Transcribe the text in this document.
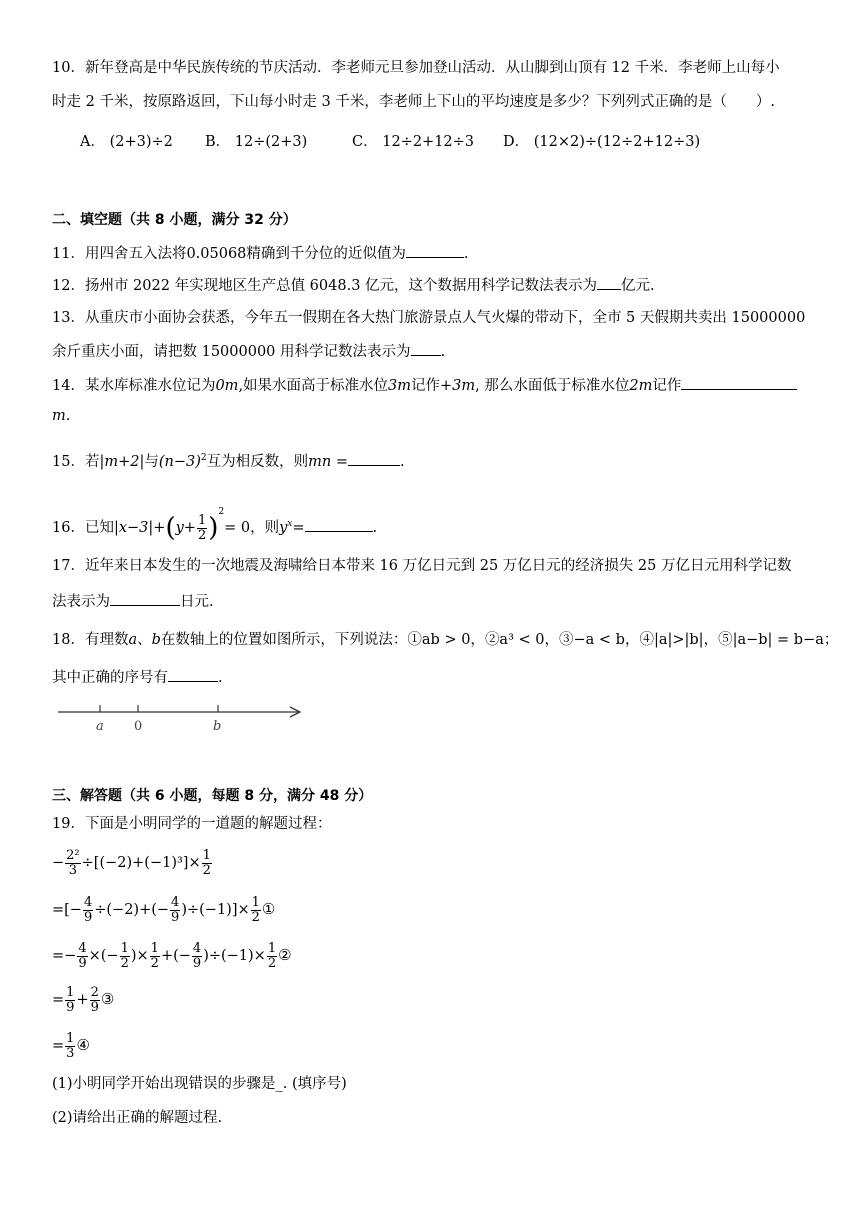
10．新年登高是中华民族传统的节庆活动．李老师元旦参加登山活动．从山脚到山顶有 12 千米．李老师上山每小
时走 2 千米，按原路返回，下山每小时走 3 千米，李老师上下山的平均速度是多少？下列列式正确的是（　　）.
A． (2+3)÷2 B． 12÷(2+3)	C． 12÷2+12÷3 D． (12×2)÷(12÷2+12÷3)
二、填空题（共 8 小题，满分 32 分）
11．用四舍五入法将0.05068精确到千分位的近似值为	.
12．扬州市 2022 年实现地区生产总值 6048.3 亿元，这个数据用科学记数法表示为 亿元.
13．从重庆市小面协会获悉，今年五一假期在各大热门旅游景点人气火爆的带动下，全市 5 天假期共卖出 15000000
余斤重庆小面，请把数 15000000 用科学记数法表示为 .
14．某水库标准水位记为0m,如果水面高于标准水位3m记作+3m, 那么水面低于标准水位2m记作
m.
15．若|m+2|与$(n-3)^2$互为相反数，则mn =	.
16．已知$|x-3|+(y+ \frac{1}{2} )^2= 0$，则$y^x=$	.
17．近年来日本发生的一次地震及海啸给日本带来 16 万亿日元到 25 万亿日元的经济损失 25 万亿日元用科学记数
法表示为	日元.
18．有理数a、b在数轴上的位置如图所示，下列说法：①ab > 0，②a³ < 0，③−a < b，④|a|>|b|，⑤|a−b| = b−a；
其中正确的序号有	.
a 0	b
三、解答题（共 6 小题，每题 8 分，满分 48 分）
19．下面是小明同学的一道题的解题过程：
− $\frac{\text{2²}}{3} \div[(-2)+(-1)^3]\times \frac{1}{2}$
=[− $\frac{4}{9} \div(-2)+(- \frac{4}{9} )\div(-1)]\times \frac{1}{2}$ ①
=− $\frac{4}{9}$ ×(− $\frac{1}{2}$ )× $\frac{1}{2}$ +(− $\frac{4}{9} )\div(-1)\times \frac{1}{2}$ ②
= $\frac{1}{9} + \frac{2}{9}$ ③
= $\frac{1}{3}$ ④
(1)小明同学开始出现错误的步骤是_. (填序号)
(2)请给出正确的解题过程.
